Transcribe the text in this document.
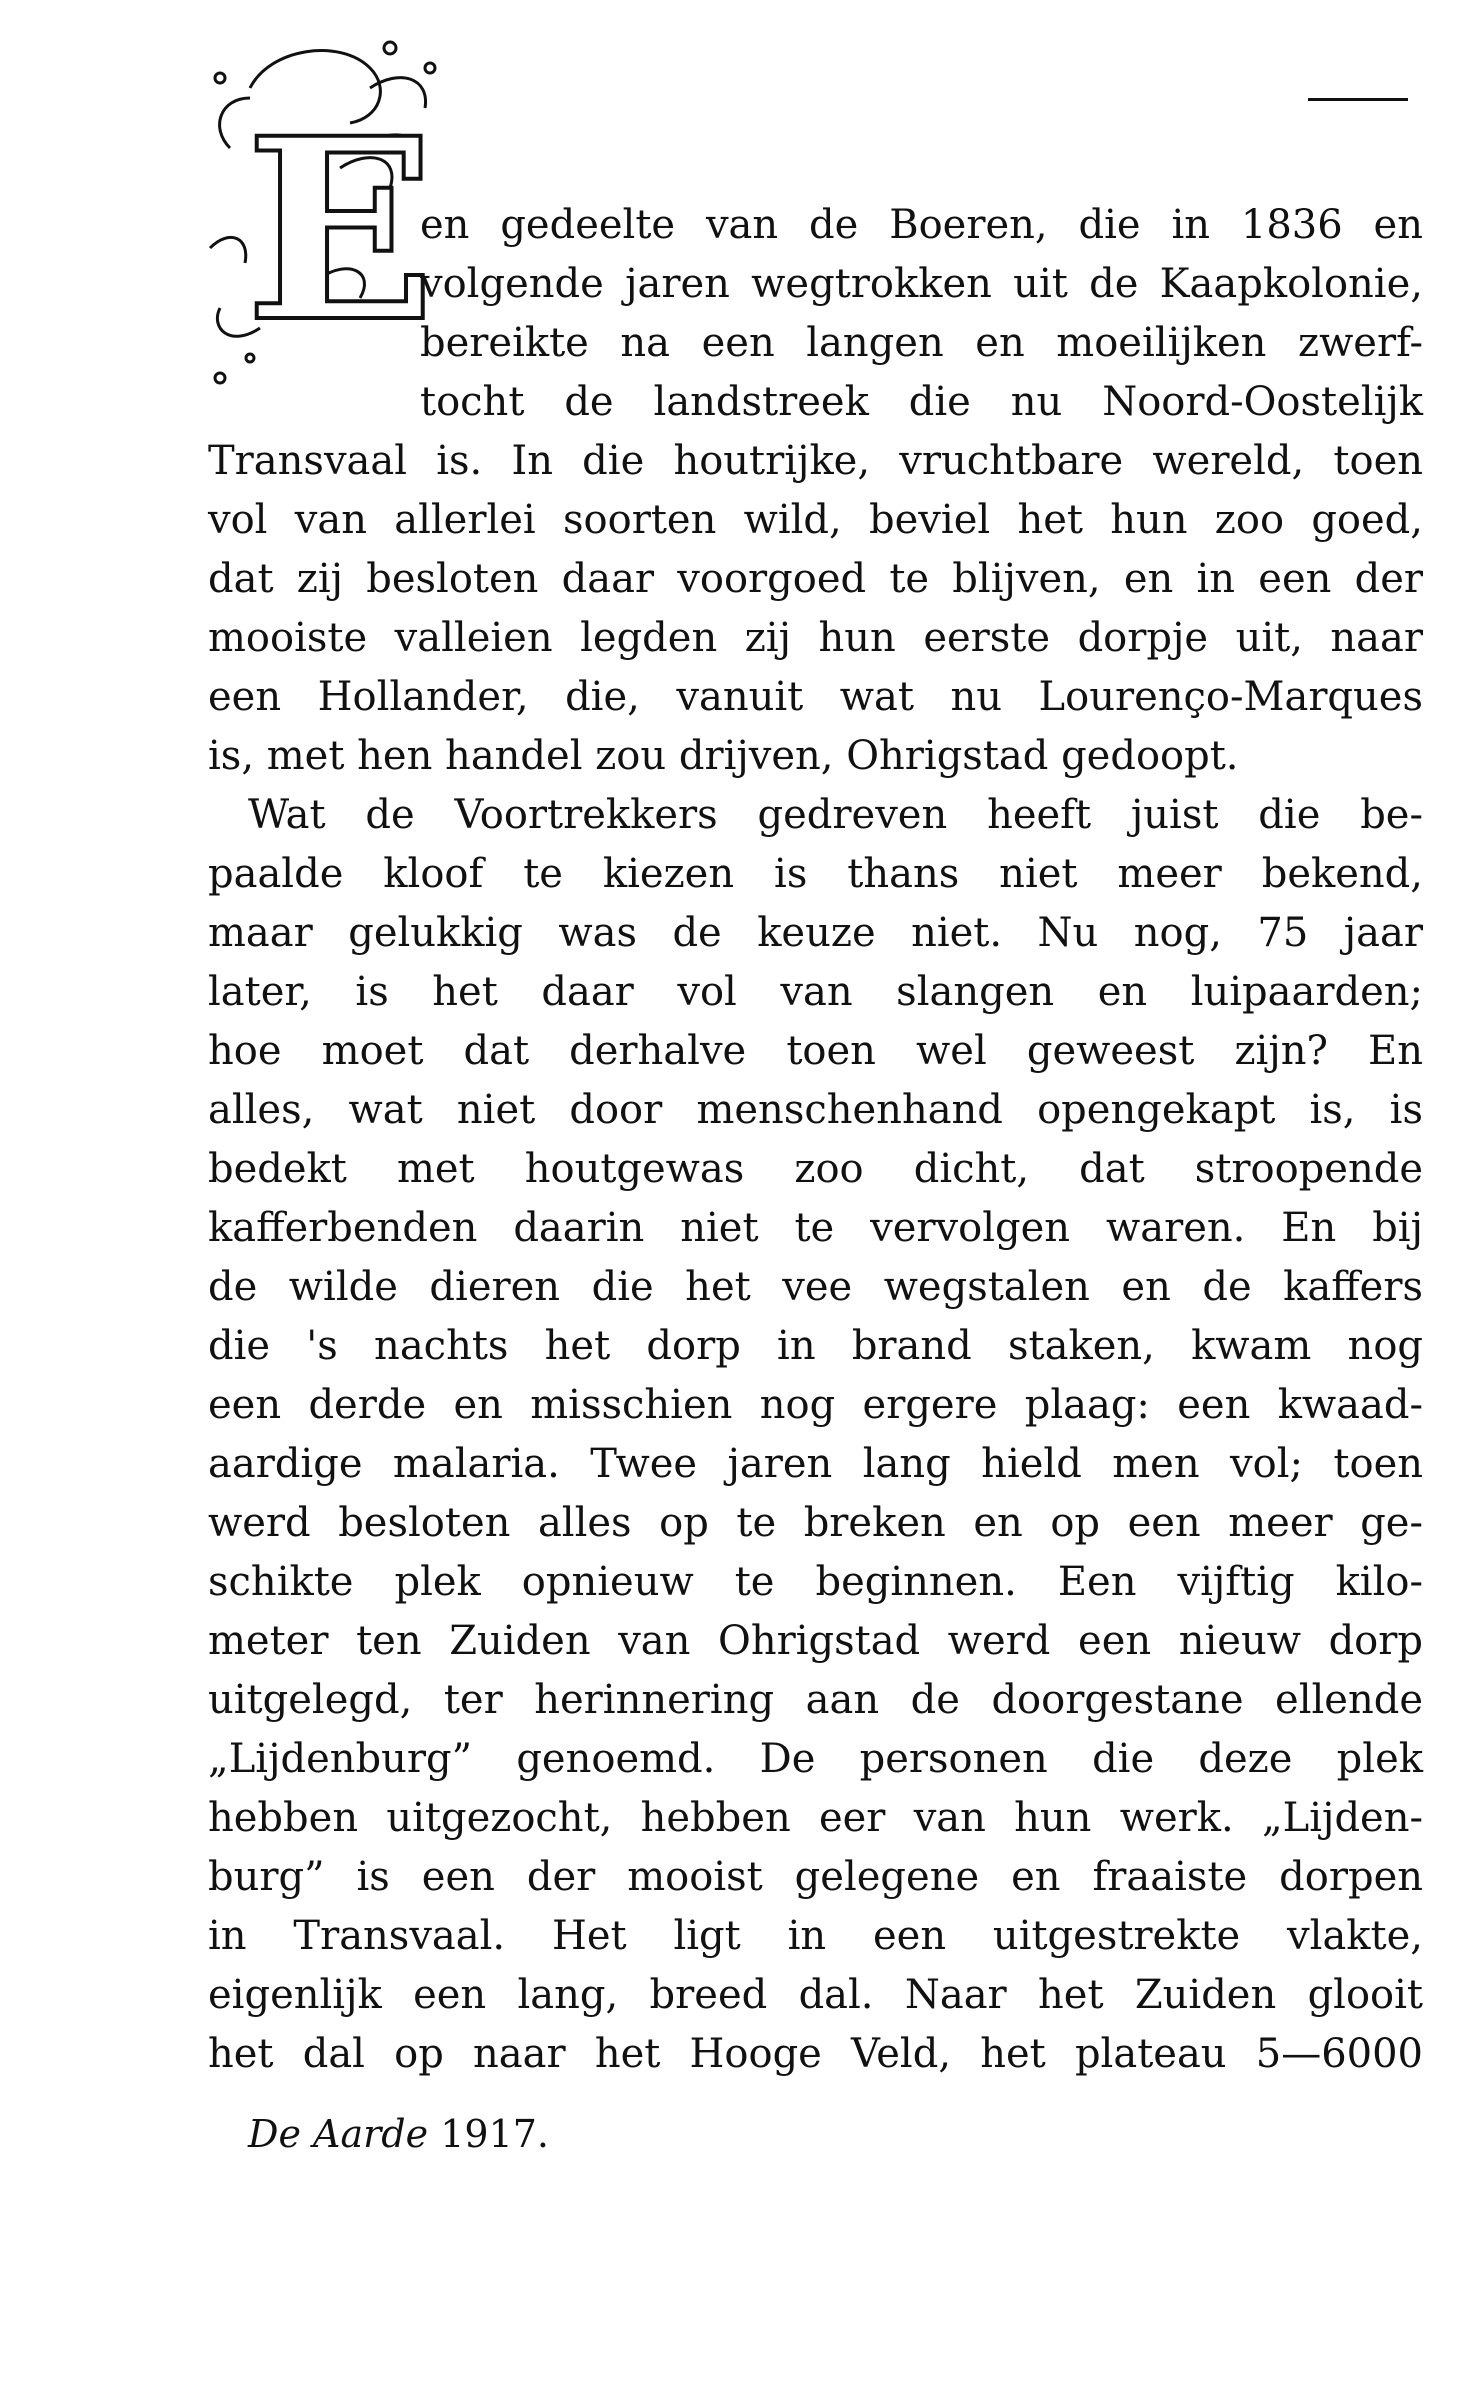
E
en gedeelte van de Boeren, die in 1836 en
volgende jaren wegtrokken uit de Kaapkolonie,
bereikte na een langen en moeilijken zwerf-
tocht de landstreek die nu Noord-Oostelijk
Transvaal is. In die houtrijke, vruchtbare wereld, toen
vol van allerlei soorten wild, beviel het hun zoo goed,
dat zij besloten daar voorgoed te blijven, en in een der
mooiste valleien legden zij hun eerste dorpje uit, naar
een Hollander, die, vanuit wat nu Lourenço-Marques
is, met hen handel zou drijven, Ohrigstad gedoopt.
Wat de Voortrekkers gedreven heeft juist die be-
paalde kloof te kiezen is thans niet meer bekend,
maar gelukkig was de keuze niet. Nu nog, 75 jaar
later, is het daar vol van slangen en luipaarden;
hoe moet dat derhalve toen wel geweest zijn? En
alles, wat niet door menschenhand opengekapt is, is
bedekt met houtgewas zoo dicht, dat stroopende
kafferbenden daarin niet te vervolgen waren. En bij
de wilde dieren die het vee wegstalen en de kaffers
die 's nachts het dorp in brand staken, kwam nog
een derde en misschien nog ergere plaag: een kwaad-
aardige malaria. Twee jaren lang hield men vol; toen
werd besloten alles op te breken en op een meer ge-
schikte plek opnieuw te beginnen. Een vijftig kilo-
meter ten Zuiden van Ohrigstad werd een nieuw dorp
uitgelegd, ter herinnering aan de doorgestane ellende
„Lijdenburg” genoemd. De personen die deze plek
hebben uitgezocht, hebben eer van hun werk. „Lijden-
burg” is een der mooist gelegene en fraaiste dorpen
in Transvaal. Het ligt in een uitgestrekte vlakte,
eigenlijk een lang, breed dal. Naar het Zuiden glooit
het dal op naar het Hooge Veld, het plateau 5—6000
De Aarde 1917.
